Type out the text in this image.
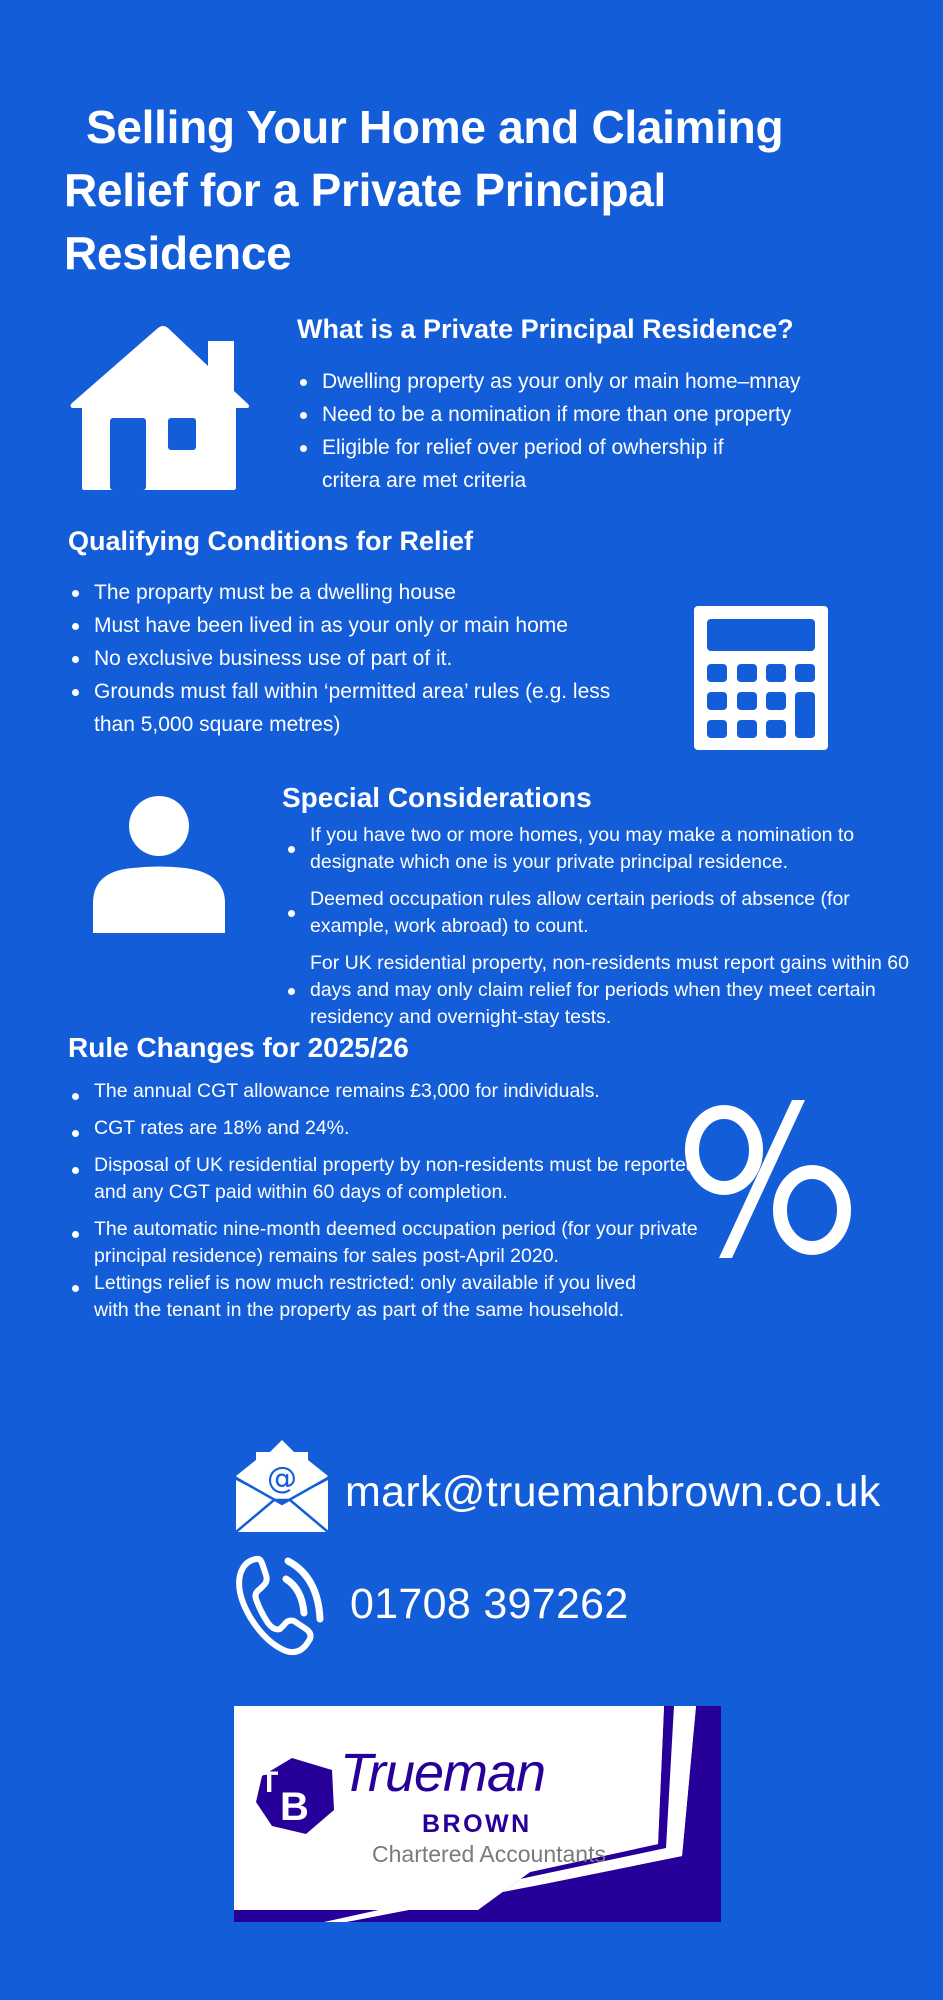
Selling Your Home and Claiming
Relief for a Private Principal
Residence
What is a Private Principal Residence?
Dwelling property as your only or main home–mnay
Need to be a nomination if more than one property
Eligible for relief over period of owhership if critera are met criteria
Qualifying Conditions for Relief
The proparty must be a dwelling house
Must have been lived in as your only or main home
No exclusive business use of part of it.
Grounds must fall within ‘permitted area’ rules (e.g. less than 5,000 square metres)
Special Considerations
If you have two or more homes, you may make a nomination to designate which one is your private principal residence.
Deemed occupation rules allow certain periods of absence (for example, work abroad) to count.
For UK residential property, non-residents must report gains within 60 days and may only claim relief for periods when they meet certain residency and overnight-stay tests.
Rule Changes for 2025/26
The annual CGT allowance remains £3,000 for individuals.
CGT rates are 18% and 24%.
Disposal of UK residential property by non-residents must be reported and any CGT paid within 60 days of completion.
The automatic nine-month deemed occupation period (for your private principal residence) remains for sales post-April 2020.
Lettings relief is now much restricted: only available if you lived with the tenant in the property as part of the same household.
@ mark@truemanbrown.co.uk
01708 397262
T
B
Trueman
BROWN
Chartered Accountants
